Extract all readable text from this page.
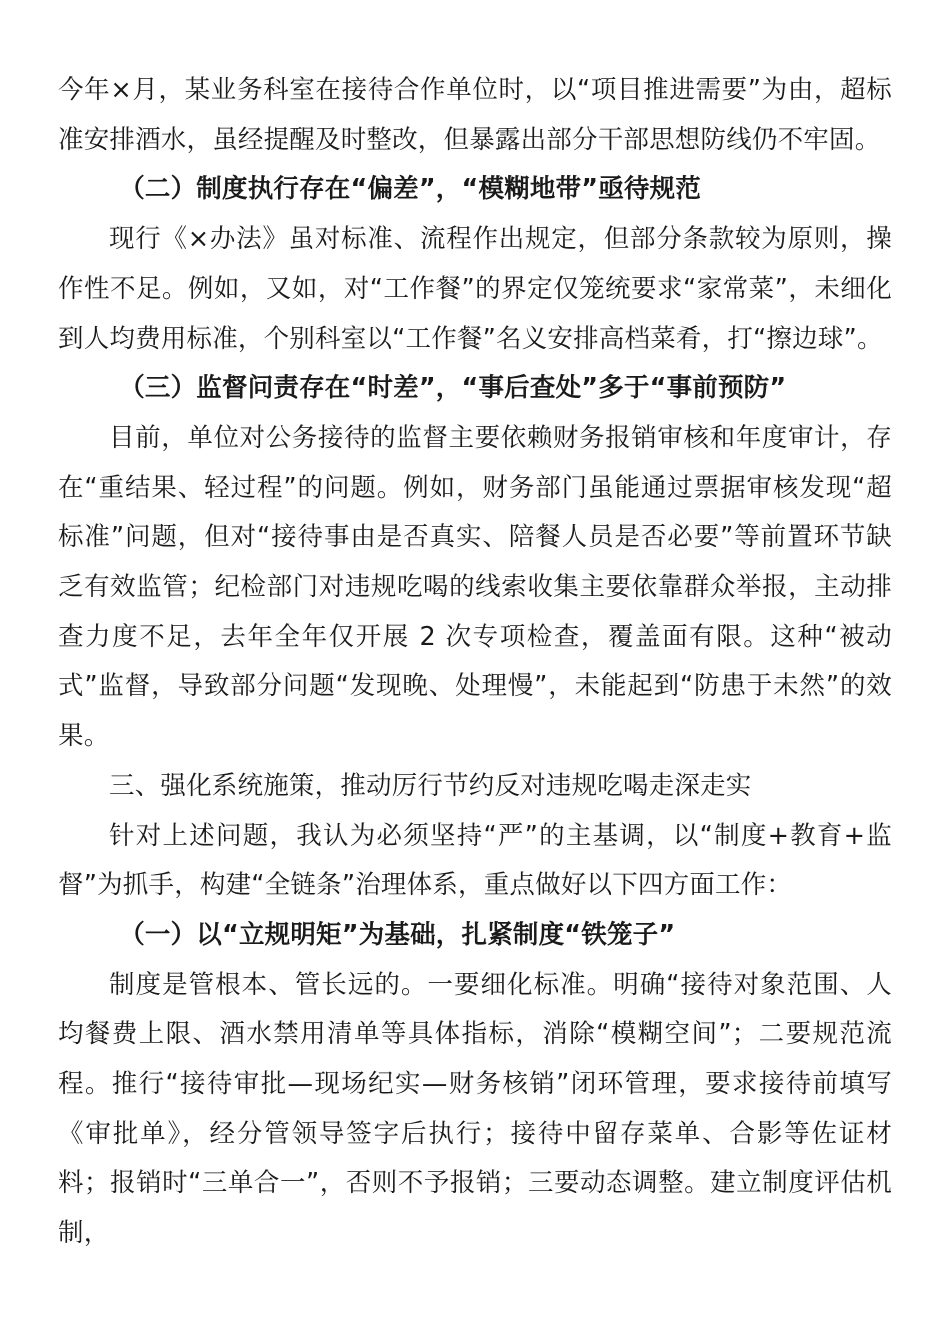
今年×月，某业务科室在接待合作单位时，以“项目推进需要”为由，超标准安排酒水，虽经提醒及时整改，但暴露出部分干部思想防线仍不牢固。

（二）制度执行存在“偏差”，“模糊地带”亟待规范

现行《×办法》虽对标准、流程作出规定，但部分条款较为原则，操作性不足。例如，又如，对“工作餐”的界定仅笼统要求“家常菜”，未细化到人均费用标准，个别科室以“工作餐”名义安排高档菜肴，打“擦边球”。

（三）监督问责存在“时差”，“事后查处”多于“事前预防”

目前，单位对公务接待的监督主要依赖财务报销审核和年度审计，存在“重结果、轻过程”的问题。例如，财务部门虽能通过票据审核发现“超标准”问题，但对“接待事由是否真实、陪餐人员是否必要”等前置环节缺乏有效监管；纪检部门对违规吃喝的线索收集主要依靠群众举报，主动排查力度不足，去年全年仅开展 2 次专项检查，覆盖面有限。这种“被动式”监督，导致部分问题“发现晚、处理慢”，未能起到“防患于未然”的效果。

三、强化系统施策，推动厉行节约反对违规吃喝走深走实

针对上述问题，我认为必须坚持“严”的主基调，以“制度+教育+监督”为抓手，构建“全链条”治理体系，重点做好以下四方面工作：

（一）以“立规明矩”为基础，扎紧制度“铁笼子”

制度是管根本、管长远的。一要细化标准。明确“接待对象范围、人均餐费上限、酒水禁用清单等具体指标，消除“模糊空间”；二要规范流程。推行“接待审批—现场纪实—财务核销”闭环管理，要求接待前填写《审批单》，经分管领导签字后执行；接待中留存菜单、合影等佐证材料；报销时“三单合一”，否则不予报销；三要动态调整。建立制度评估机制，
